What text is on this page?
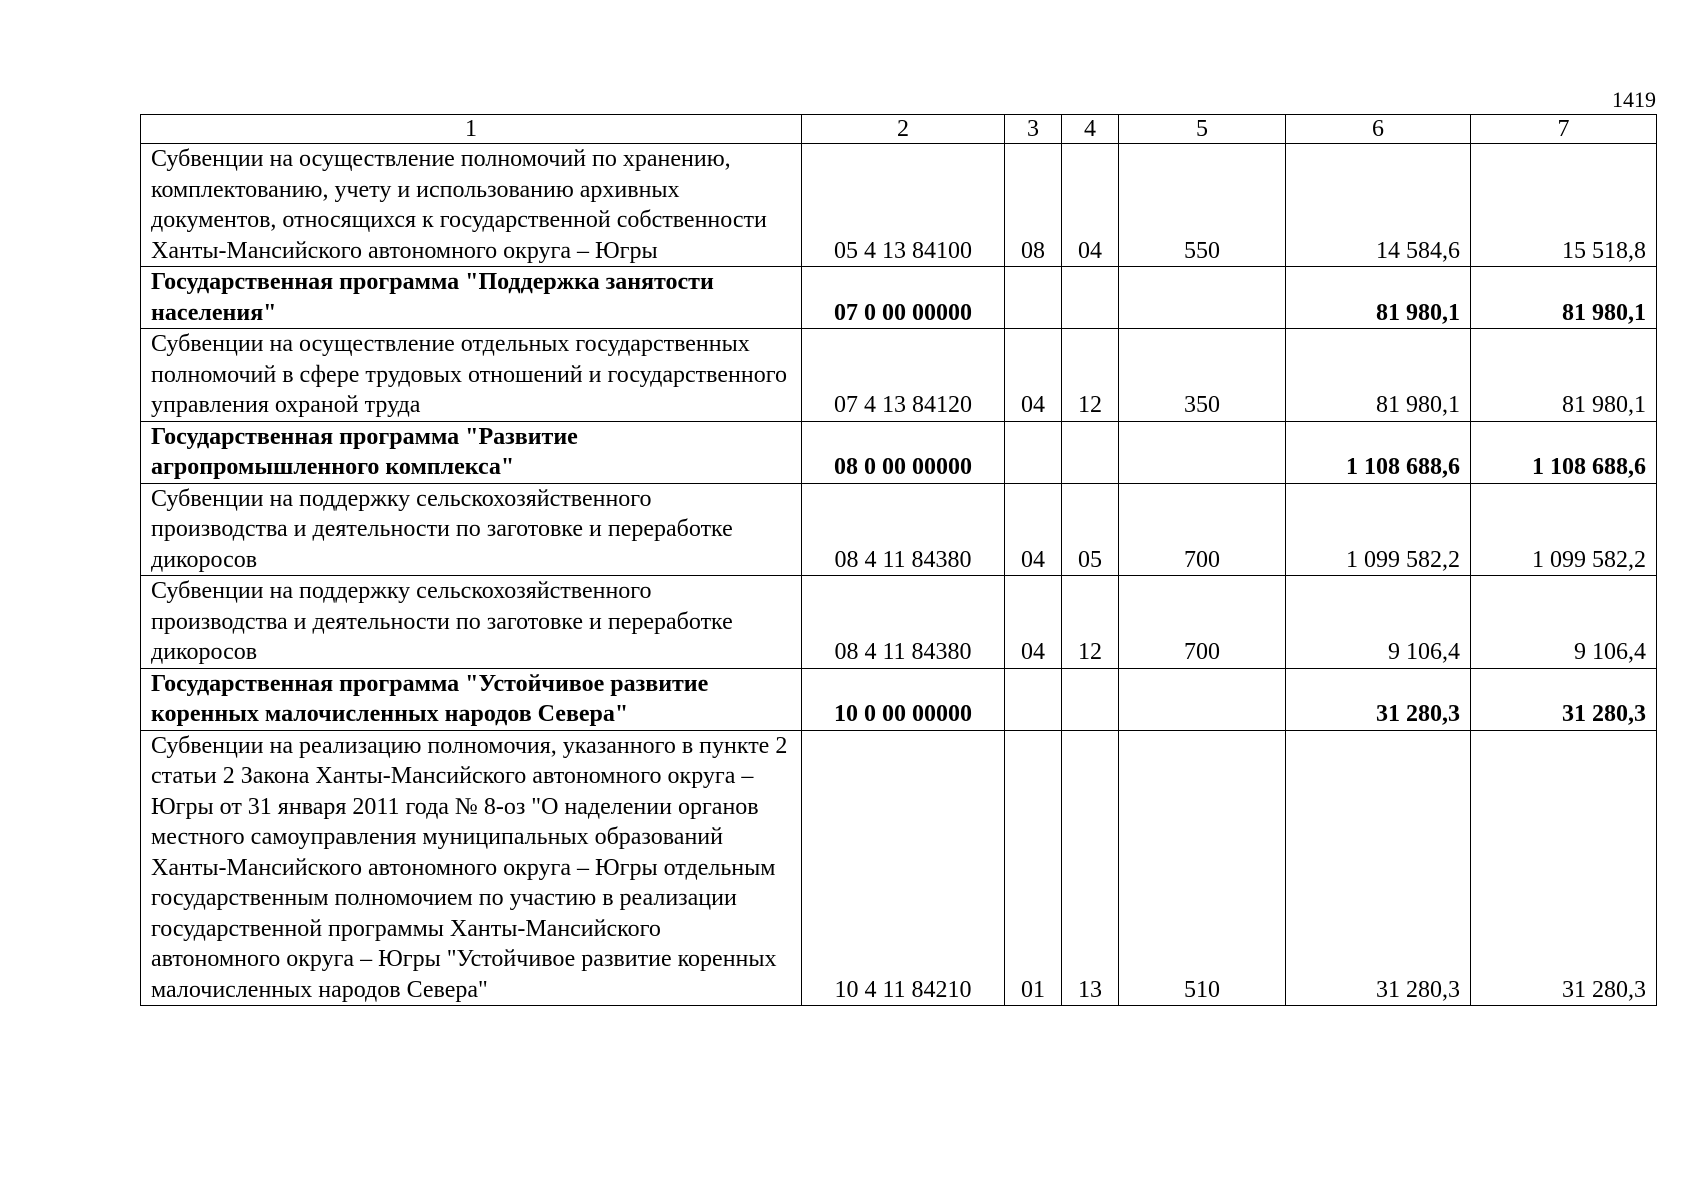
1419
1	2	3	4	5	6	7
Субвенции на осуществление полномочий по хранению, комплектованию, учету и использованию архивных документов, относящихся к государственной собственности Ханты-Мансийского автономного округа – Югры	05 4 13 84100	08	04	550	14 584,6	15 518,8
Государственная программа "Поддержка занятости населения"	07 0 00 00000				81 980,1	81 980,1
Субвенции на осуществление отдельных государственных полномочий в сфере трудовых отношений и государственного управления охраной труда	07 4 13 84120	04	12	350	81 980,1	81 980,1
Государственная программа "Развитие агропромышленного комплекса"	08 0 00 00000				1 108 688,6	1 108 688,6
Субвенции на поддержку сельскохозяйственного производства и деятельности по заготовке и переработке дикоросов	08 4 11 84380	04	05	700	1 099 582,2	1 099 582,2
Субвенции на поддержку сельскохозяйственного производства и деятельности по заготовке и переработке дикоросов	08 4 11 84380	04	12	700	9 106,4	9 106,4
Государственная программа "Устойчивое развитие коренных малочисленных народов Севера"	10 0 00 00000				31 280,3	31 280,3
Субвенции на реализацию полномочия, указанного в пункте 2 статьи 2 Закона Ханты-Мансийского автономного округа – Югры от 31 января 2011 года № 8-оз "О наделении органов местного самоуправления муниципальных образований Ханты-Мансийского автономного округа – Югры отдельным государственным полномочием по участию в реализации государственной программы Ханты-Мансийского автономного округа – Югры "Устойчивое развитие коренных малочисленных народов Севера"	10 4 11 84210	01	13	510	31 280,3	31 280,3
